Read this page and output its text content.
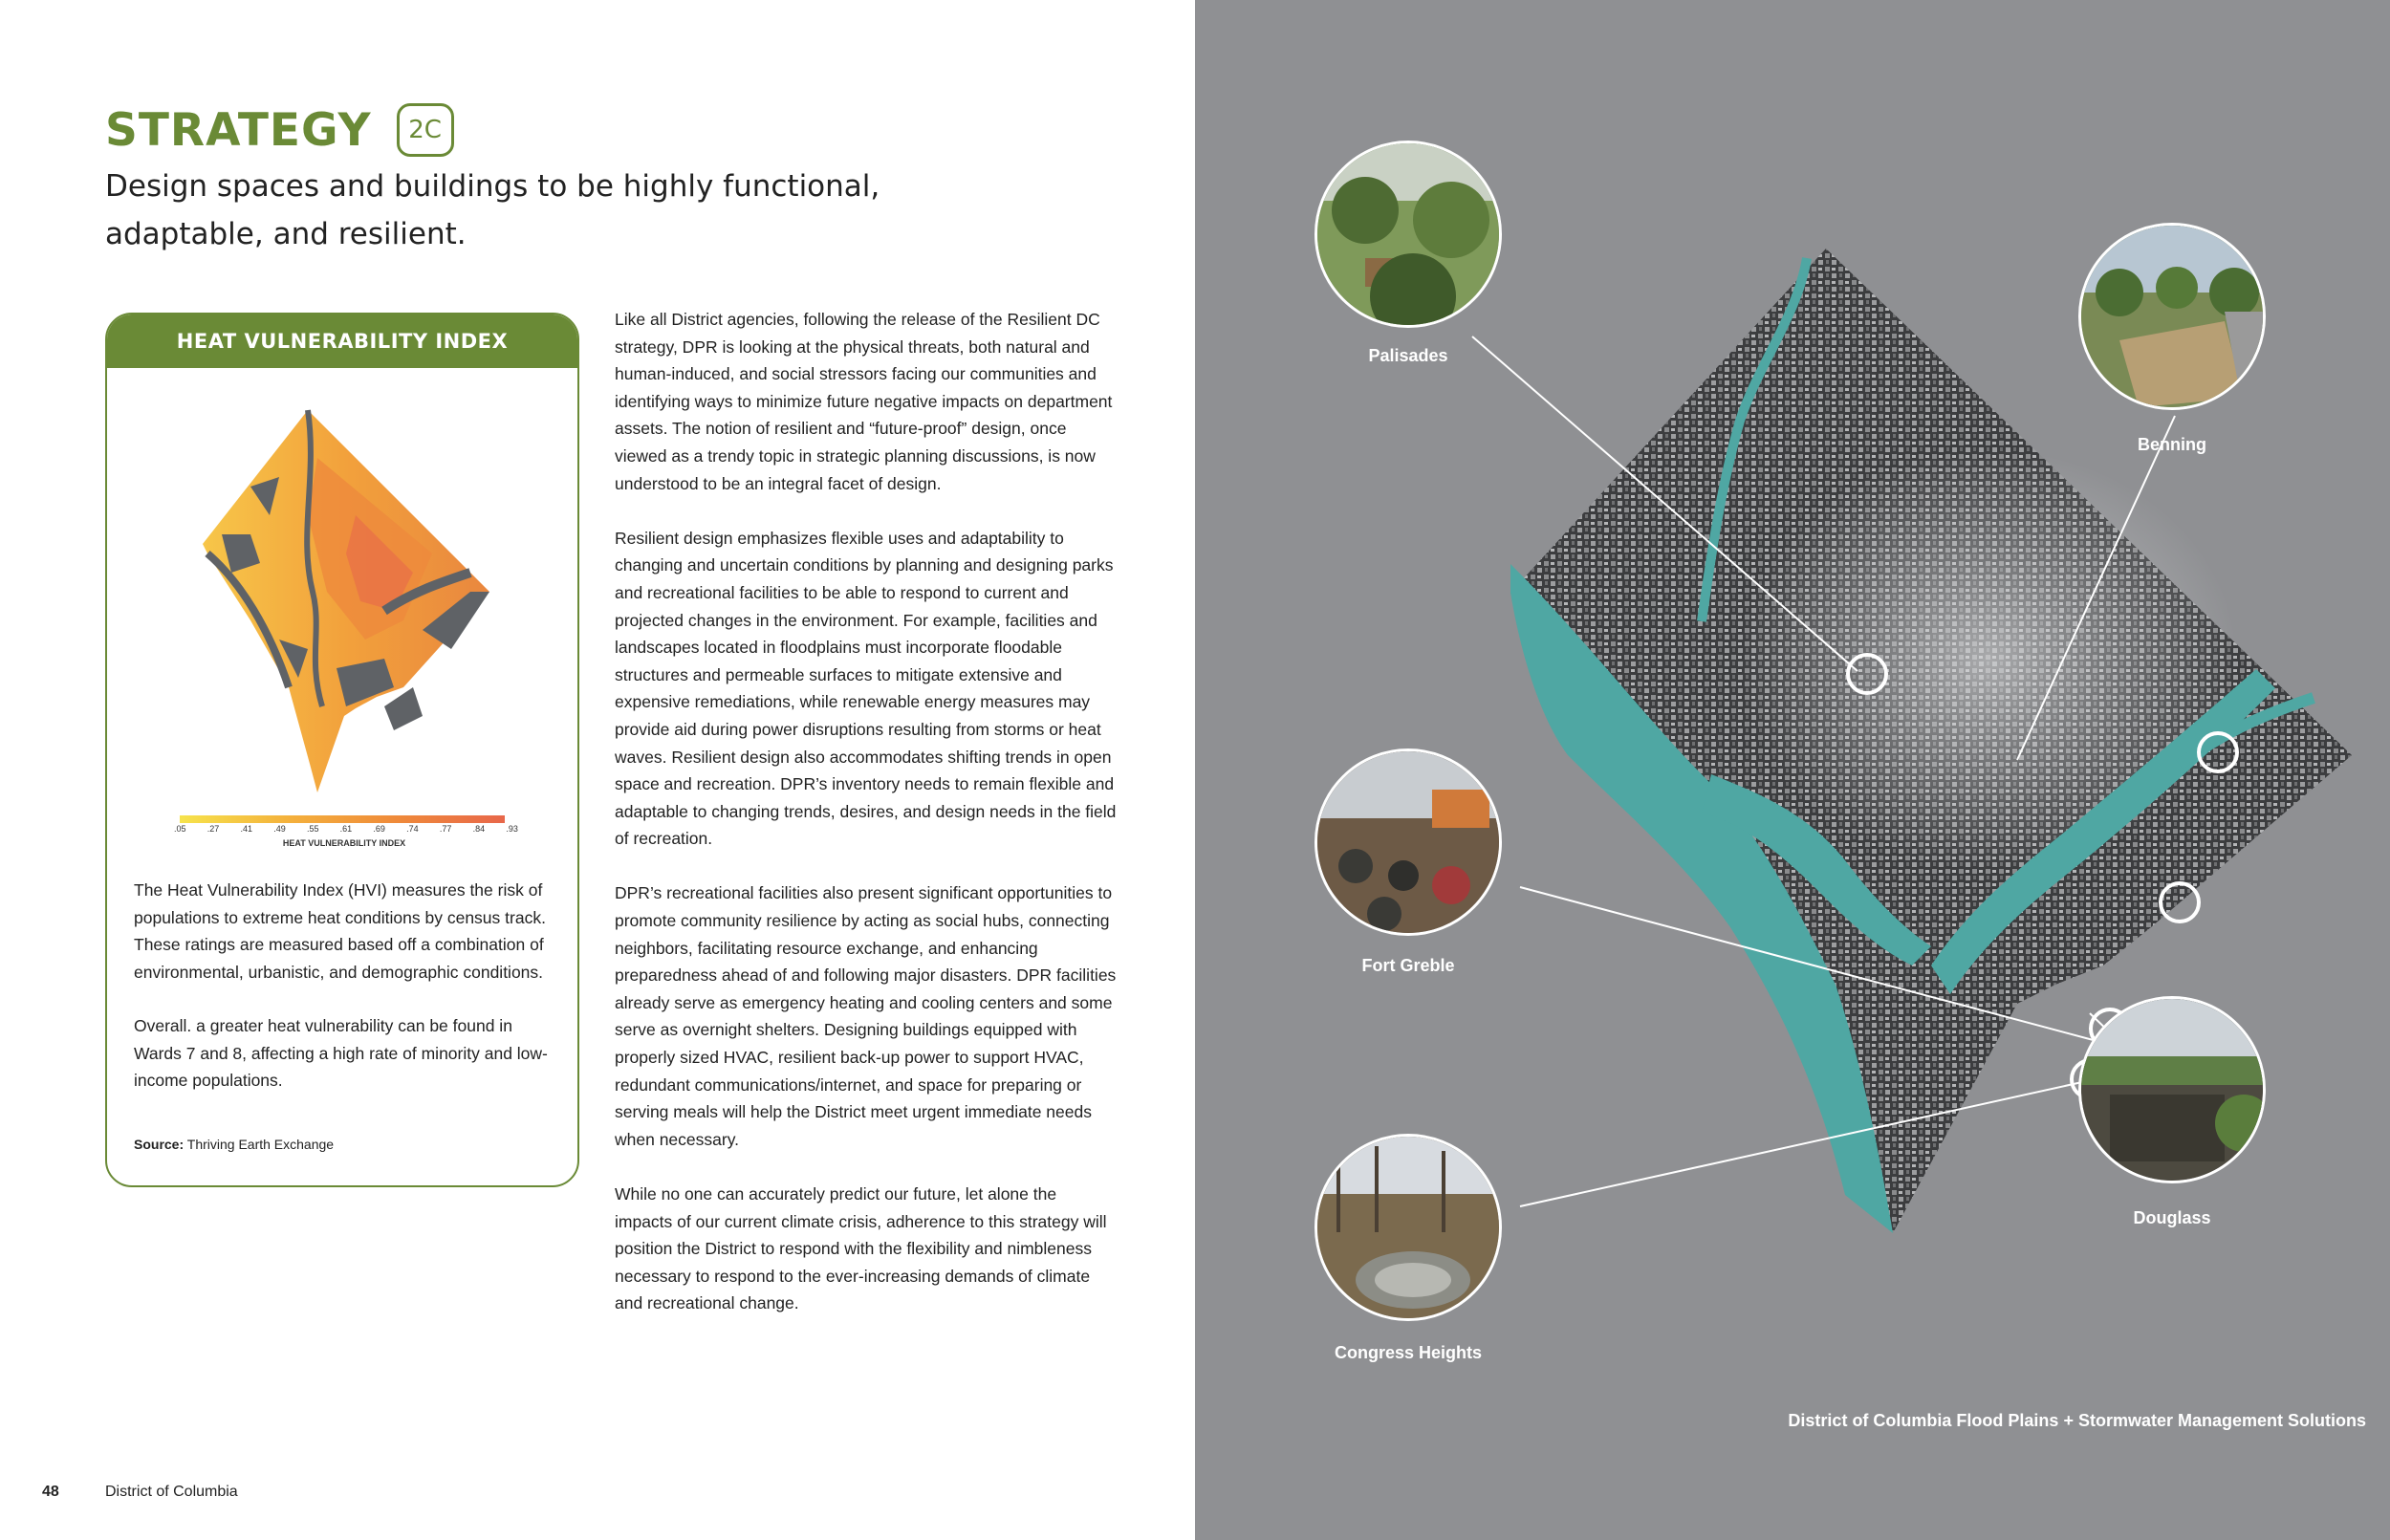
STRATEGY	2C
Design spaces and buildings to be highly functional, adaptable, and resilient.
HEAT VULNERABILITY INDEX
.05 .27 .41 .49 .55 .61 .69 .74 .77 .84 .93
HEAT VULNERABILITY INDEX

The Heat Vulnerability Index (HVI) measures the risk of populations to extreme heat conditions by census track. These ratings are measured based off a combination of environmental, urbanistic, and demographic conditions.

Overall. a greater heat vulnerability can be found in Wards 7 and 8, affecting a high rate of minority and low-income populations.

Source: Thriving Earth Exchange

Like all District agencies, following the release of the Resilient DC strategy, DPR is looking at the physical threats, both natural and human-induced, and social stressors facing our communities and identifying ways to minimize future negative impacts on department assets. The notion of resilient and “future-proof” design, once viewed as a trendy topic in strategic planning discussions, is now understood to be an integral facet of design.

Resilient design emphasizes flexible uses and adaptability to changing and uncertain conditions by planning and designing parks and recreational facilities to be able to respond to current and projected changes in the environment. For example, facilities and landscapes located in floodplains must incorporate floodable structures and permeable surfaces to mitigate extensive and expensive remediations, while renewable energy measures may provide aid during power disruptions resulting from storms or heat waves. Resilient design also accommodates shifting trends in open space and recreation. DPR’s inventory needs to remain flexible and adaptable to changing trends, desires, and design needs in the field of recreation.

DPR’s recreational facilities also present significant opportunities to promote community resilience by acting as social hubs, connecting neighbors, facilitating resource exchange, and enhancing preparedness ahead of and following major disasters. DPR facilities already serve as emergency heating and cooling centers and some serve as overnight shelters. Designing buildings equipped with properly sized HVAC, resilient back-up power to support HVAC, redundant communications/internet, and space for preparing or serving meals will help the District meet urgent immediate needs when necessary.

While no one can accurately predict our future, let alone the impacts of our current climate crisis, adherence to this strategy will position the District to respond with the flexibility and nimbleness necessary to respond to the ever-increasing demands of climate and recreational change.

48	District of Columbia
Palisades
Benning
Fort Greble
Douglass
Congress Heights
District of Columbia Flood Plains + Stormwater Management Solutions
